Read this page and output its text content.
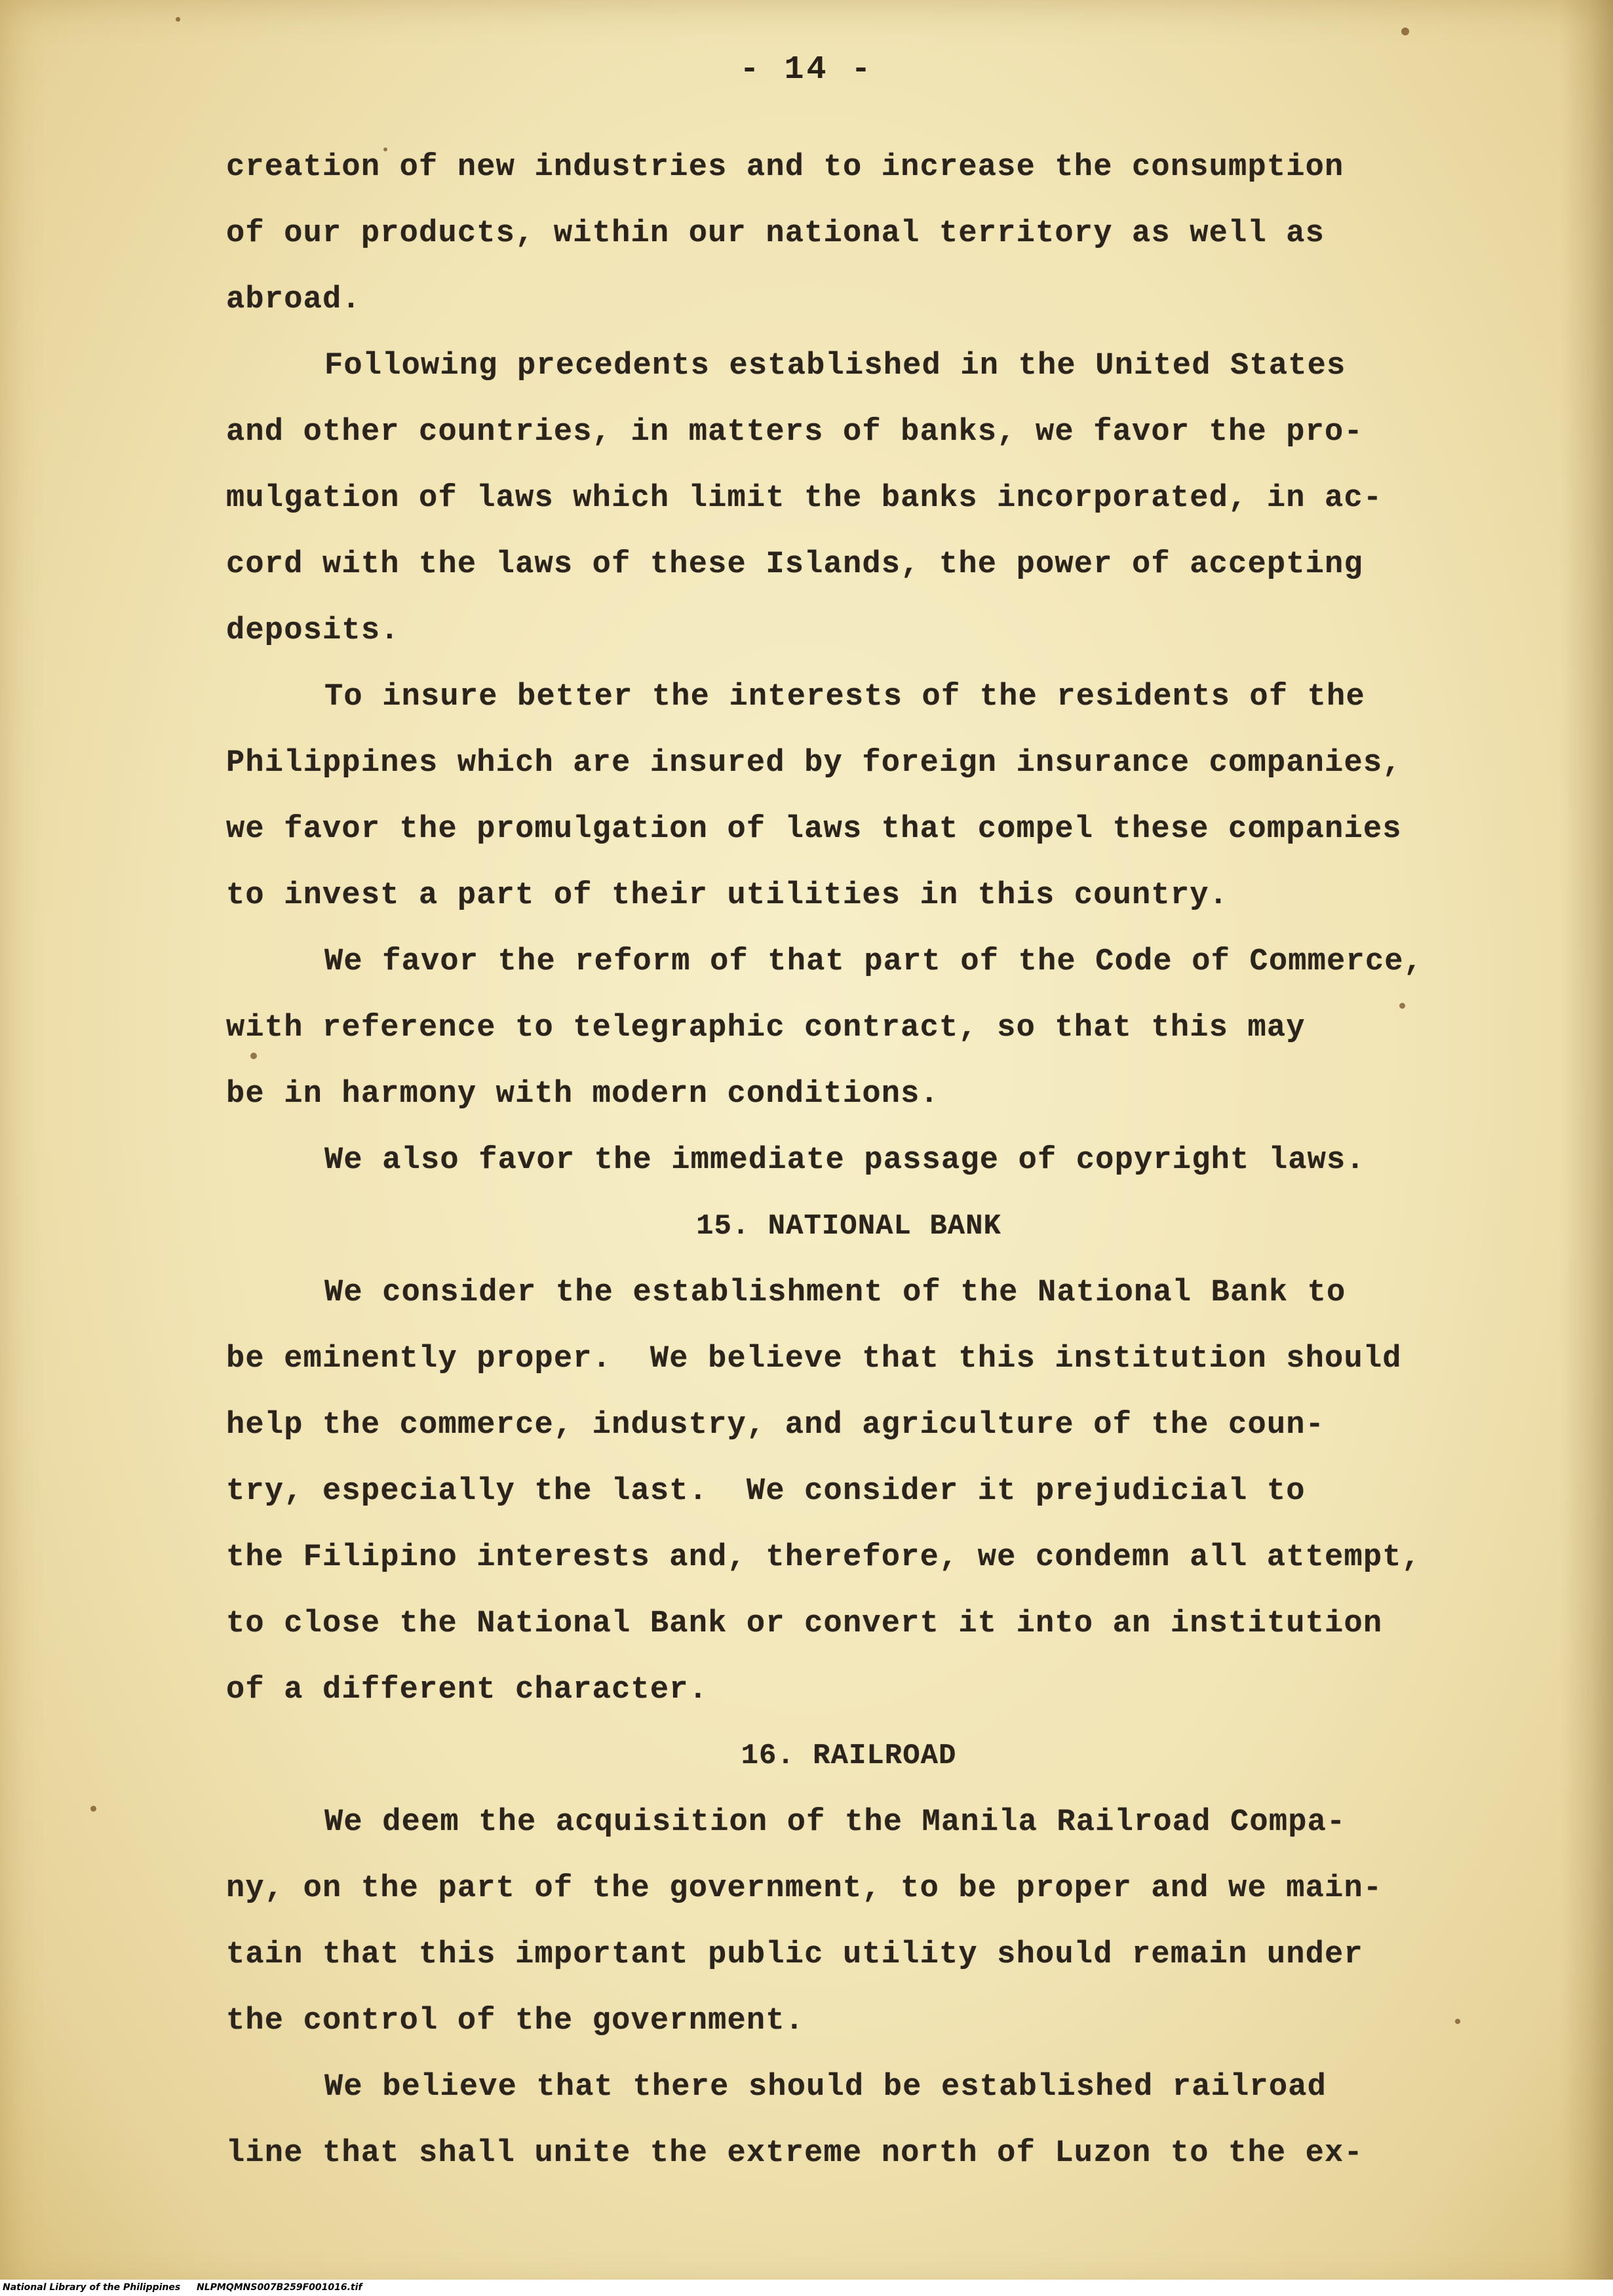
- 14 -
creation of new industries and to increase the consumption
of our products, within our national territory as well as
abroad.
Following precedents established in the United States
and other countries, in matters of banks, we favor the pro-
mulgation of laws which limit the banks incorporated, in ac-
cord with the laws of these Islands, the power of accepting
deposits.
To insure better the interests of the residents of the
Philippines which are insured by foreign insurance companies,
we favor the promulgation of laws that compel these companies
to invest a part of their utilities in this country.
We favor the reform of that part of the Code of Commerce,
with reference to telegraphic contract, so that this may
be in harmony with modern conditions.
We also favor the immediate passage of copyright laws.
15. NATIONAL BANK
We consider the establishment of the National Bank to
be eminently proper.  We believe that this institution should
help the commerce, industry, and agriculture of the coun-
try, especially the last.  We consider it prejudicial to
the Filipino interests and, therefore, we condemn all attempt,
to close the National Bank or convert it into an institution
of a different character.
16. RAILROAD
We deem the acquisition of the Manila Railroad Compa-
ny, on the part of the government, to be proper and we main-
tain that this important public utility should remain under
the control of the government.
We believe that there should be established railroad
line that shall unite the extreme north of Luzon to the ex-
National Library of the Philippines NLPMQMNS007B259F001016.tif
